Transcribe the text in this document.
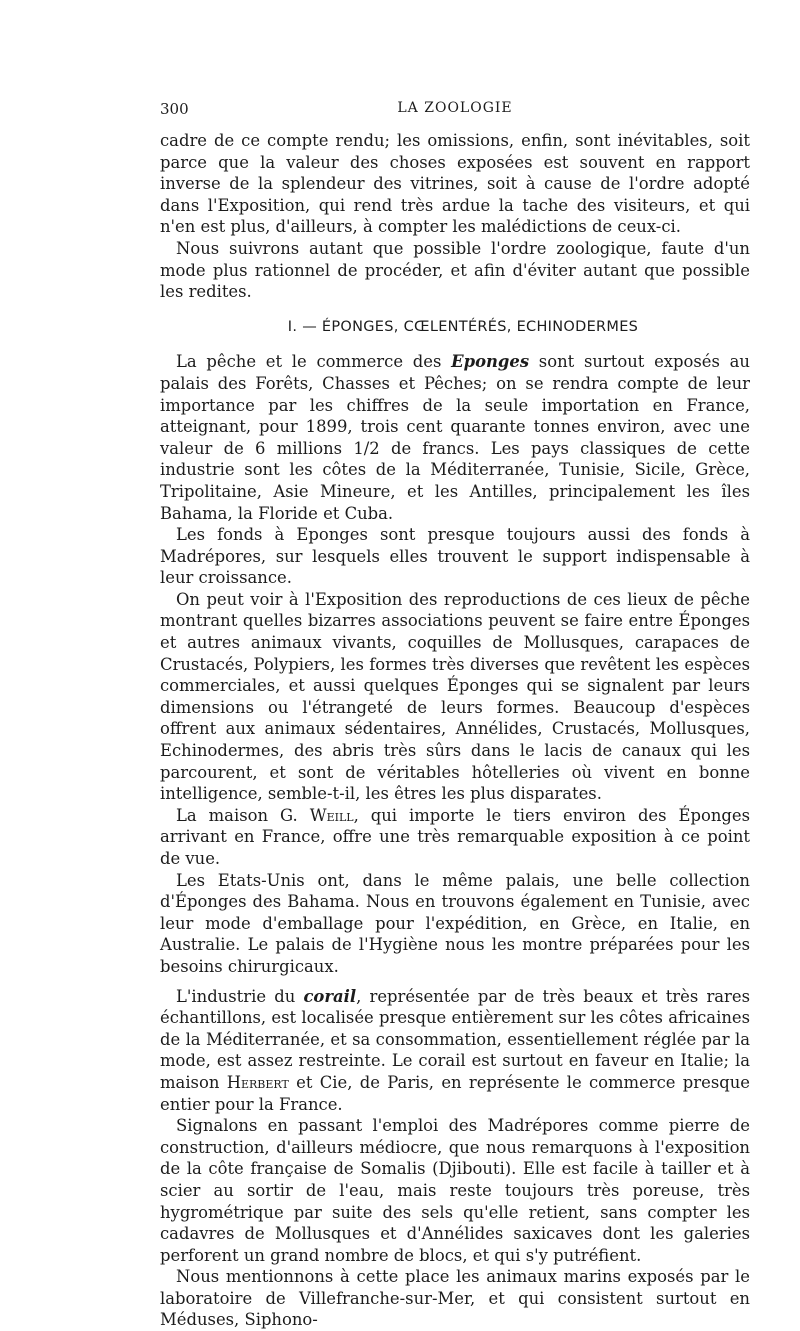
300	LA ZOOLOGIE

cadre de ce compte rendu; les omissions, enfin, sont inévitables, soit parce que la valeur des choses exposées est souvent en rapport inverse de la splendeur des vitrines, soit à cause de l'ordre adopté dans l'Exposition, qui rend très ardue la tache des visiteurs, et qui n'en est plus, d'ailleurs, à compter les malédictions de ceux-ci.

Nous suivrons autant que possible l'ordre zoologique, faute d'un mode plus rationnel de procéder, et afin d'éviter autant que possible les redites.

I. — ÉPONGES, CŒLENTÉRÉS, ECHINODERMES

La pêche et le commerce des Eponges sont surtout exposés au palais des Forêts, Chasses et Pêches; on se rendra compte de leur importance par les chiffres de la seule importation en France, atteignant, pour 1899, trois cent quarante tonnes environ, avec une valeur de 6 millions 1/2 de francs. Les pays classiques de cette industrie sont les côtes de la Méditerranée, Tunisie, Sicile, Grèce, Tripolitaine, Asie Mineure, et les Antilles, principalement les îles Bahama, la Floride et Cuba.

Les fonds à Eponges sont presque toujours aussi des fonds à Madrépores, sur lesquels elles trouvent le support indispensable à leur croissance.

On peut voir à l'Exposition des reproductions de ces lieux de pêche montrant quelles bizarres associations peuvent se faire entre Éponges et autres animaux vivants, coquilles de Mollusques, carapaces de Crustacés, Polypiers, les formes très diverses que revêtent les espèces commerciales, et aussi quelques Éponges qui se signalent par leurs dimensions ou l'étrangeté de leurs formes. Beaucoup d'espèces offrent aux animaux sédentaires, Annélides, Crustacés, Mollusques, Echinodermes, des abris très sûrs dans le lacis de canaux qui les parcourent, et sont de véritables hôtelleries où vivent en bonne intelligence, semble-t-il, les êtres les plus disparates.

La maison G. Weill, qui importe le tiers environ des Éponges arrivant en France, offre une très remarquable exposition à ce point de vue.

Les Etats-Unis ont, dans le même palais, une belle collection d'Éponges des Bahama. Nous en trouvons également en Tunisie, avec leur mode d'emballage pour l'expédition, en Grèce, en Italie, en Australie. Le palais de l'Hygiène nous les montre préparées pour les besoins chirurgicaux.

L'industrie du corail, représentée par de très beaux et très rares échantillons, est localisée presque entièrement sur les côtes africaines de la Méditerranée, et sa consommation, essentiellement réglée par la mode, est assez restreinte. Le corail est surtout en faveur en Italie; la maison Herbert et Cie, de Paris, en représente le commerce presque entier pour la France.

Signalons en passant l'emploi des Madrépores comme pierre de construction, d'ailleurs médiocre, que nous remarquons à l'exposition de la côte française de Somalis (Djibouti). Elle est facile à tailler et à scier au sortir de l'eau, mais reste toujours très poreuse, très hygrométrique par suite des sels qu'elle retient, sans compter les cadavres de Mollusques et d'Annélides saxicaves dont les galeries perforent un grand nombre de blocs, et qui s'y putréfient.

Nous mentionnons à cette place les animaux marins exposés par le laboratoire de Villefranche-sur-Mer, et qui consistent surtout en Méduses, Siphono-
